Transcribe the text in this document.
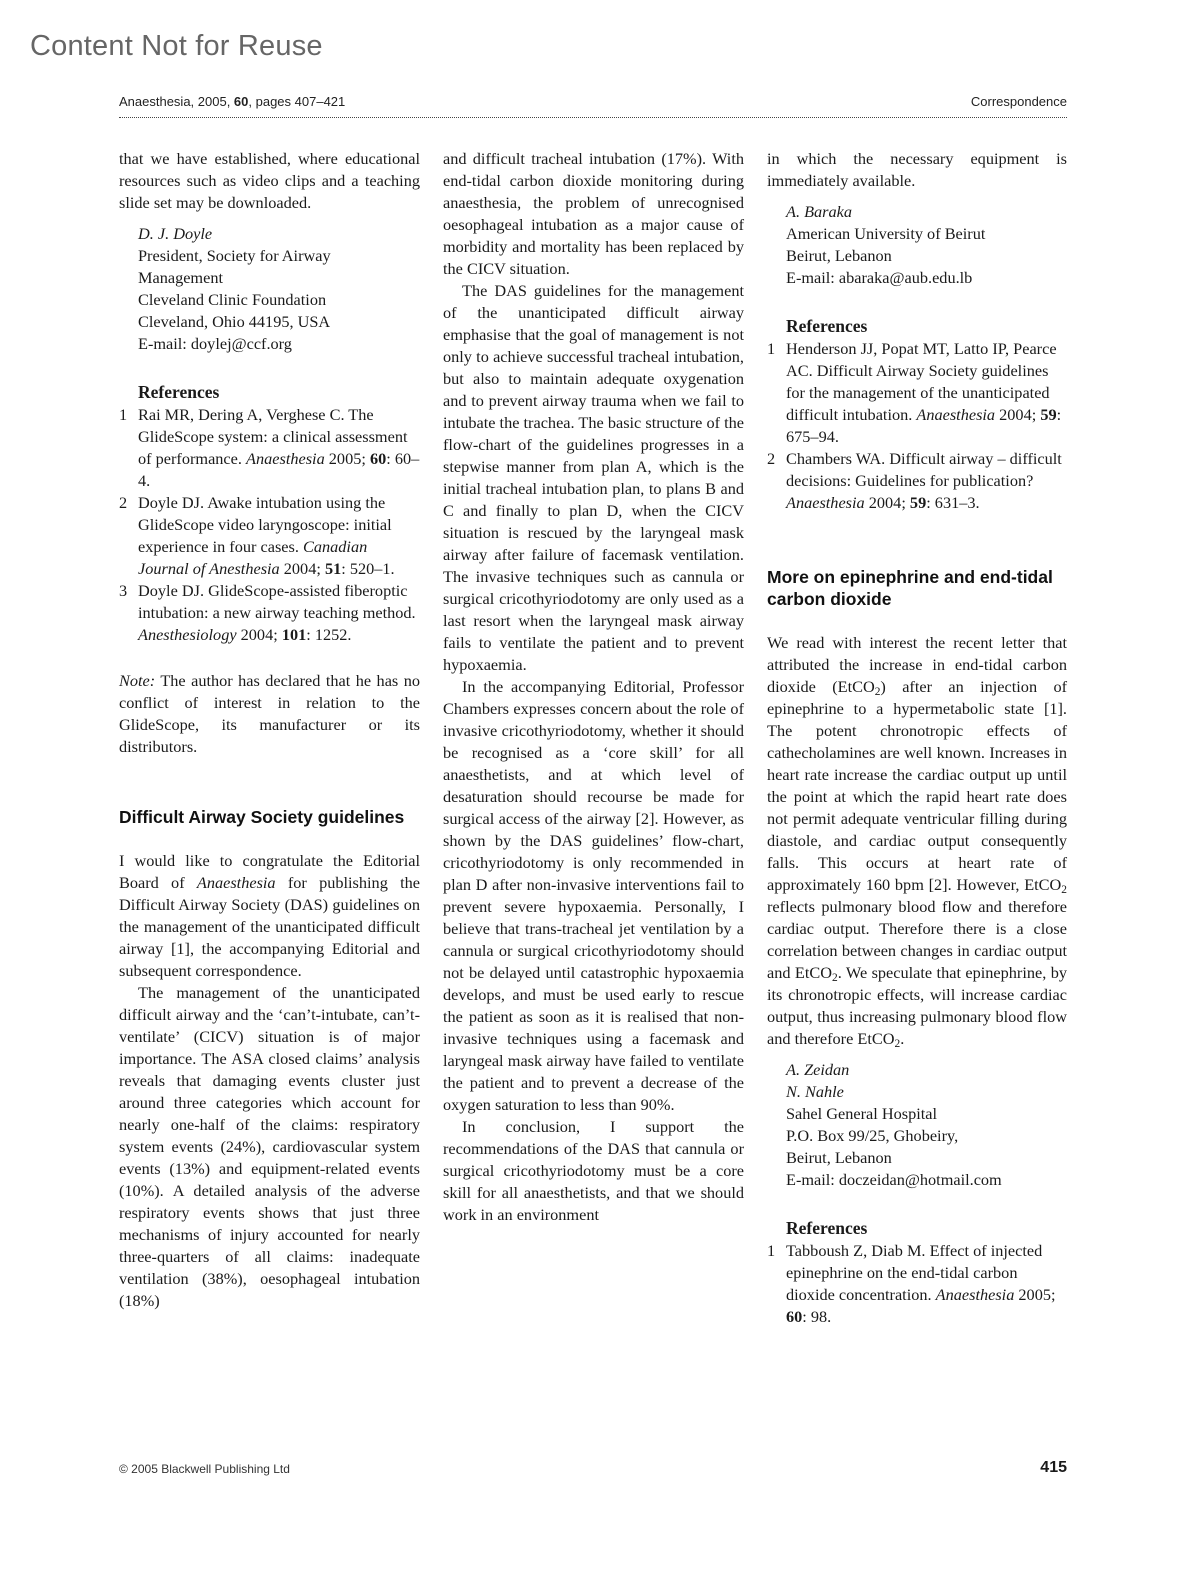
Content Not for Reuse
Anaesthesia, 2005, 60, pages 407–421	Correspondence
that we have established, where educational resources such as video clips and a teaching slide set may be downloaded.
D. J. Doyle
President, Society for Airway
Management
Cleveland Clinic Foundation
Cleveland, Ohio 44195, USA
E-mail: doylej@ccf.org
References
1 Rai MR, Dering A, Verghese C. The GlideScope system: a clinical assessment of performance. Anaesthesia 2005; 60: 60–4.
2 Doyle DJ. Awake intubation using the GlideScope video laryngoscope: initial experience in four cases. Canadian Journal of Anesthesia 2004; 51: 520–1.
3 Doyle DJ. GlideScope-assisted fiberoptic intubation: a new airway teaching method. Anesthesiology 2004; 101: 1252.
Note: The author has declared that he has no conflict of interest in relation to the GlideScope, its manufacturer or its distributors.
Difficult Airway Society guidelines
I would like to congratulate the Editorial Board of Anaesthesia for publishing the Difficult Airway Society (DAS) guidelines on the management of the unanticipated difficult airway [1], the accompanying Editorial and subsequent correspondence.
The management of the unanticipated difficult airway and the ‘can’t-intubate, can’t-ventilate’ (CICV) situation is of major importance. The ASA closed claims’ analysis reveals that damaging events cluster just around three categories which account for nearly one-half of the claims: respiratory system events (24%), cardiovascular system events (13%) and equipment-related events (10%). A detailed analysis of the adverse respiratory events shows that just three mechanisms of injury accounted for nearly three-quarters of all claims: inadequate ventilation (38%), oesophageal intubation (18%)
and difficult tracheal intubation (17%). With end-tidal carbon dioxide monitoring during anaesthesia, the problem of unrecognised oesophageal intubation as a major cause of morbidity and mortality has been replaced by the CICV situation.
The DAS guidelines for the management of the unanticipated difficult airway emphasise that the goal of management is not only to achieve successful tracheal intubation, but also to maintain adequate oxygenation and to prevent airway trauma when we fail to intubate the trachea. The basic structure of the flow-chart of the guidelines progresses in a stepwise manner from plan A, which is the initial tracheal intubation plan, to plans B and C and finally to plan D, when the CICV situation is rescued by the laryngeal mask airway after failure of facemask ventilation. The invasive techniques such as cannula or surgical cricothyriodotomy are only used as a last resort when the laryngeal mask airway fails to ventilate the patient and to prevent hypoxaemia.
In the accompanying Editorial, Professor Chambers expresses concern about the role of invasive cricothyriodotomy, whether it should be recognised as a ‘core skill’ for all anaesthetists, and at which level of desaturation should recourse be made for surgical access of the airway [2]. However, as shown by the DAS guidelines’ flow-chart, cricothyriodotomy is only recommended in plan D after non-invasive interventions fail to prevent severe hypoxaemia. Personally, I believe that trans-tracheal jet ventilation by a cannula or surgical cricothyriodotomy should not be delayed until catastrophic hypoxaemia develops, and must be used early to rescue the patient as soon as it is realised that non-invasive techniques using a facemask and laryngeal mask airway have failed to ventilate the patient and to prevent a decrease of the oxygen saturation to less than 90%.
In conclusion, I support the recommendations of the DAS that cannula or surgical cricothyriodotomy must be a core skill for all anaesthetists, and that we should work in an environment
in which the necessary equipment is immediately available.
A. Baraka
American University of Beirut
Beirut, Lebanon
E-mail: abaraka@aub.edu.lb
References
1 Henderson JJ, Popat MT, Latto IP, Pearce AC. Difficult Airway Society guidelines for the management of the unanticipated difficult intubation. Anaesthesia 2004; 59: 675–94.
2 Chambers WA. Difficult airway – difficult decisions: Guidelines for publication? Anaesthesia 2004; 59: 631–3.
More on epinephrine and end-tidal carbon dioxide
We read with interest the recent letter that attributed the increase in end-tidal carbon dioxide (EtCO$_2$) after an injection of epinephrine to a hypermetabolic state [1]. The potent chronotropic effects of cathecholamines are well known. Increases in heart rate increase the cardiac output up until the point at which the rapid heart rate does not permit adequate ventricular filling during diastole, and cardiac output consequently falls. This occurs at heart rate of approximately 160 bpm [2]. However, EtCO$_2$ reflects pulmonary blood flow and therefore cardiac output. Therefore there is a close correlation between changes in cardiac output and EtCO$_2$. We speculate that epinephrine, by its chronotropic effects, will increase cardiac output, thus increasing pulmonary blood flow and therefore EtCO$_2$.
A. Zeidan
N. Nahle
Sahel General Hospital
P.O. Box 99/25, Ghobeiry,
Beirut, Lebanon
E-mail: doczeidan@hotmail.com
References
1 Tabboush Z, Diab M. Effect of injected epinephrine on the end-tidal carbon dioxide concentration. Anaesthesia 2005; 60: 98.
© 2005 Blackwell Publishing Ltd	415
